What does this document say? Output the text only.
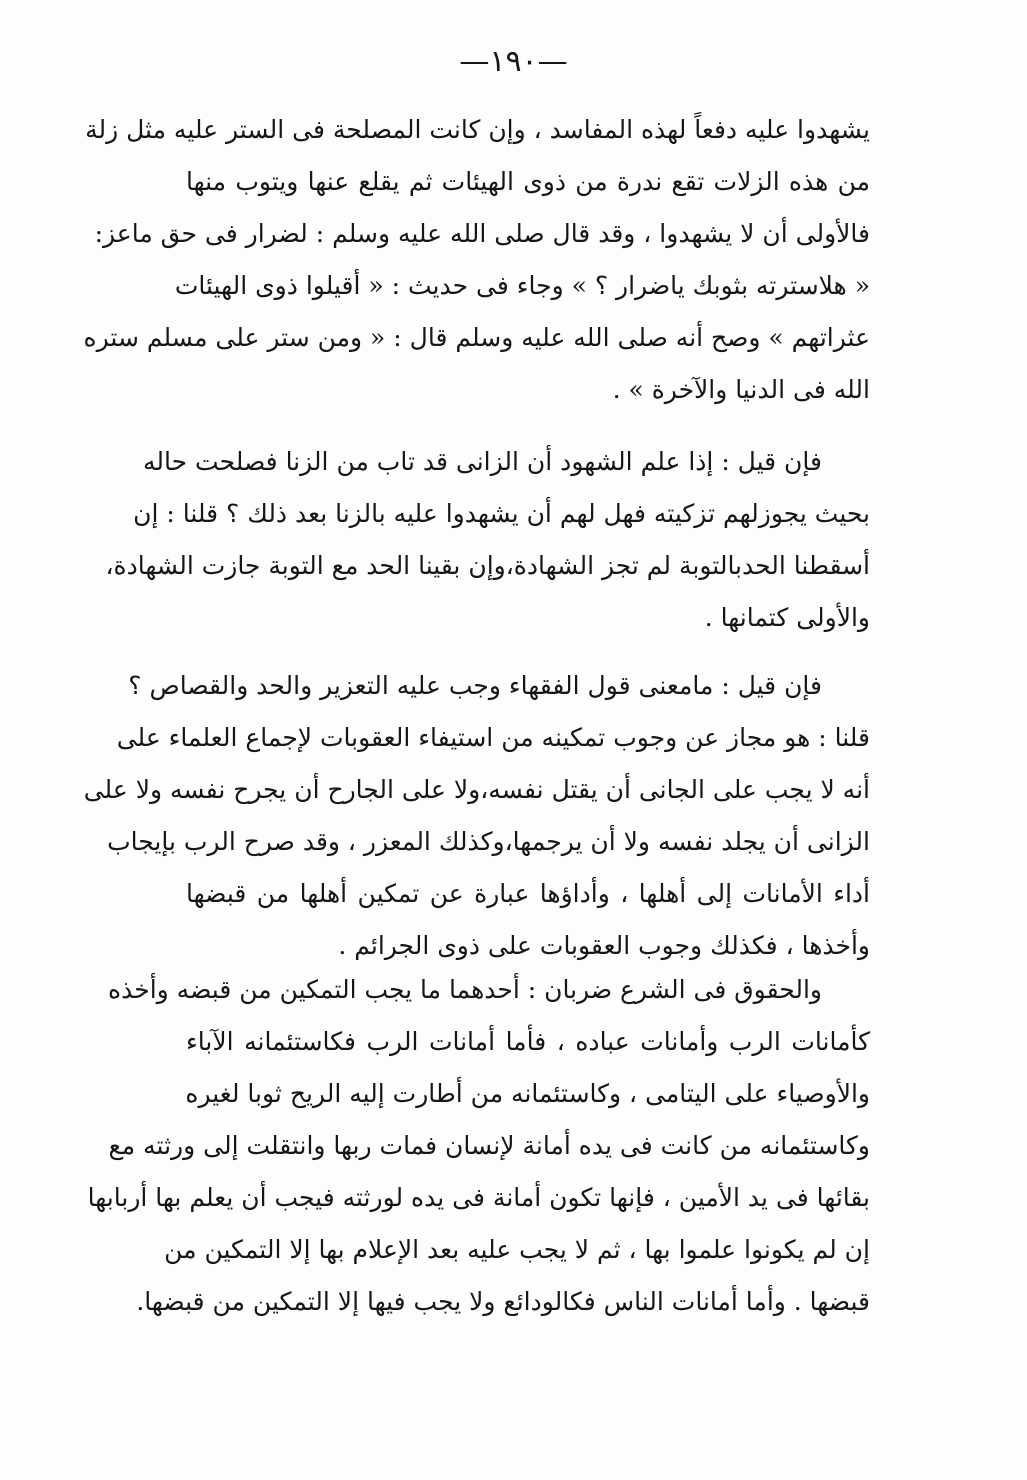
—١٩٠—
يشهدوا عليه دفعاً لهذه المفاسد ، وإن كانت المصلحة فى الستر عليه مثل زلة
من هذه الزلات تقع ندرة من ذوى الهيئات ثم يقلع عنها ويتوب منها
فالأولى أن لا يشهدوا ، وقد قال صلى الله عليه وسلم : لضرار فى حق ماعز:
« هلاسترته بثوبك ياضرار ؟ » وجاء فى حديث : « أقيلوا ذوى الهيئات
عثراتهم » وصح أنه صلى الله عليه وسلم قال : « ومن ستر على مسلم ستره
الله فى الدنيا والآخرة » .
فإن قيل : إذا علم الشهود أن الزانى قد تاب من الزنا فصلحت حاله
بحيث يجوزلهم تزكيته فهل لهم أن يشهدوا عليه بالزنا بعد ذلك ؟ قلنا : إن
أسقطنا الحدبالتوبة لم تجز الشهادة،وإن بقينا الحد مع التوبة جازت الشهادة،
والأولى كتمانها .
فإن قيل : مامعنى قول الفقهاء وجب عليه التعزير والحد والقصاص ؟
قلنا : هو مجاز عن وجوب تمكينه من استيفاء العقوبات لإجماع العلماء على
أنه لا يجب على الجانى أن يقتل نفسه،ولا على الجارح أن يجرح نفسه ولا على
الزانى أن يجلد نفسه ولا أن يرجمها،وكذلك المعزر ، وقد صرح الرب بإيجاب
أداء الأمانات إلى أهلها ، وأداؤها عبارة عن تمكين أهلها من قبضها
وأخذها ، فكذلك وجوب العقوبات على ذوى الجرائم .
والحقوق فى الشرع ضربان : أحدهما ما يجب التمكين من قبضه وأخذه
كأمانات الرب وأمانات عباده ، فأما أمانات الرب فكاستئمانه الآباء
والأوصياء على اليتامى ، وكاستئمانه من أطارت إليه الريح ثوبا لغيره
وكاستئمانه من كانت فى يده أمانة لإنسان فمات ربها وانتقلت إلى ورثته مع
بقائها فى يد الأمين ، فإنها تكون أمانة فى يده لورثته فيجب أن يعلم بها أربابها
إن لم يكونوا علموا بها ، ثم لا يجب عليه بعد الإعلام بها إلا التمكين من
قبضها . وأما أمانات الناس فكالودائع ولا يجب فيها إلا التمكين من قبضها.
